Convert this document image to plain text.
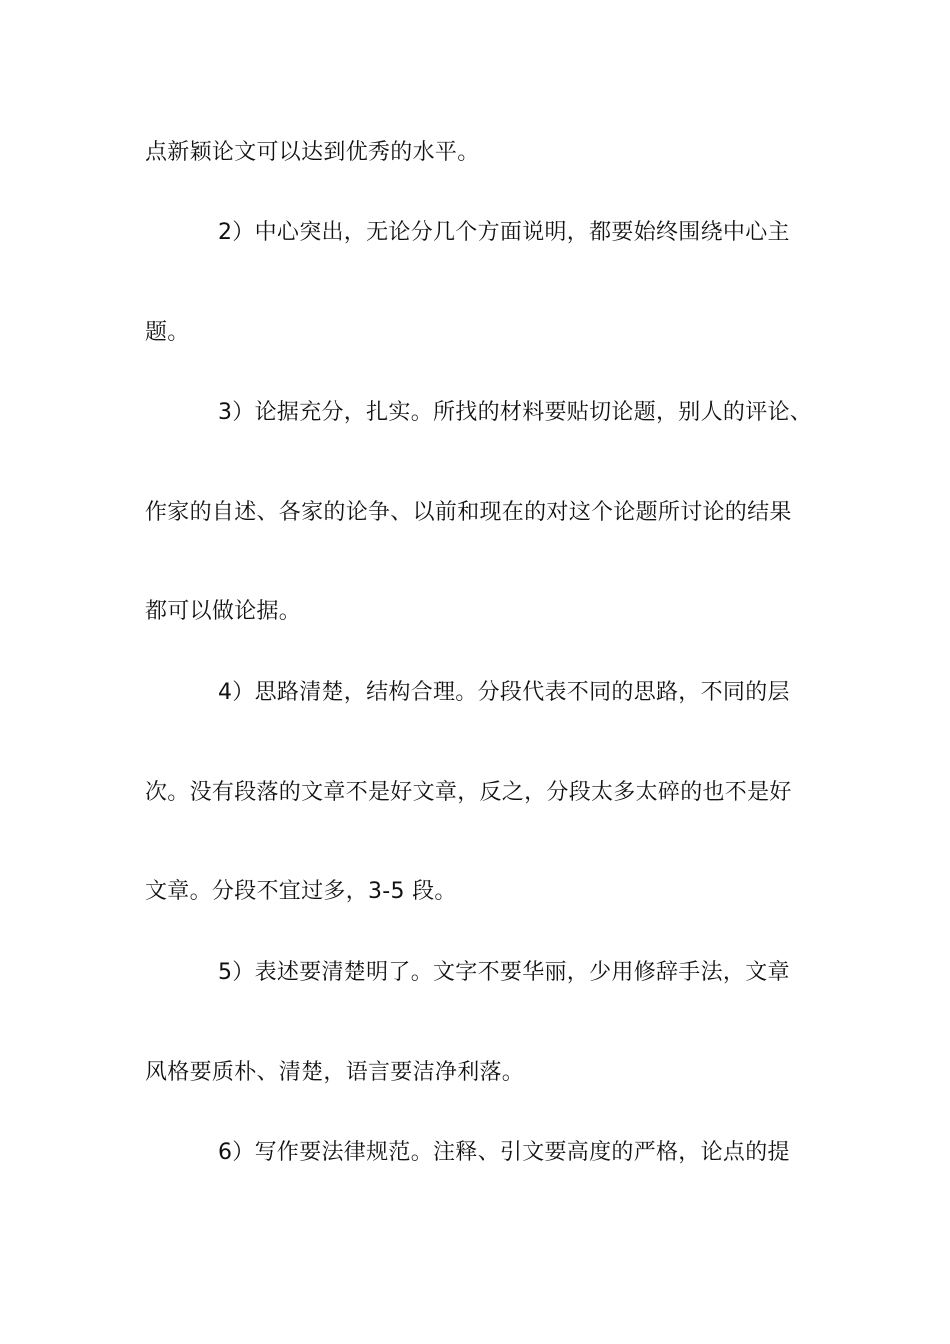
点新颖论文可以达到优秀的水平。
2）中心突出，无论分几个方面说明，都要始终围绕中心主
题。
3）论据充分，扎实。所找的材料要贴切论题，别人的评论、
作家的自述、各家的论争、以前和现在的对这个论题所讨论的结果
都可以做论据。
4）思路清楚，结构合理。分段代表不同的思路，不同的层
次。没有段落的文章不是好文章，反之，分段太多太碎的也不是好
文章。分段不宜过多，3-5 段。
5）表述要清楚明了。文字不要华丽，少用修辞手法，文章
风格要质朴、清楚，语言要洁净利落。
6）写作要法律规范。注释、引文要高度的严格，论点的提
